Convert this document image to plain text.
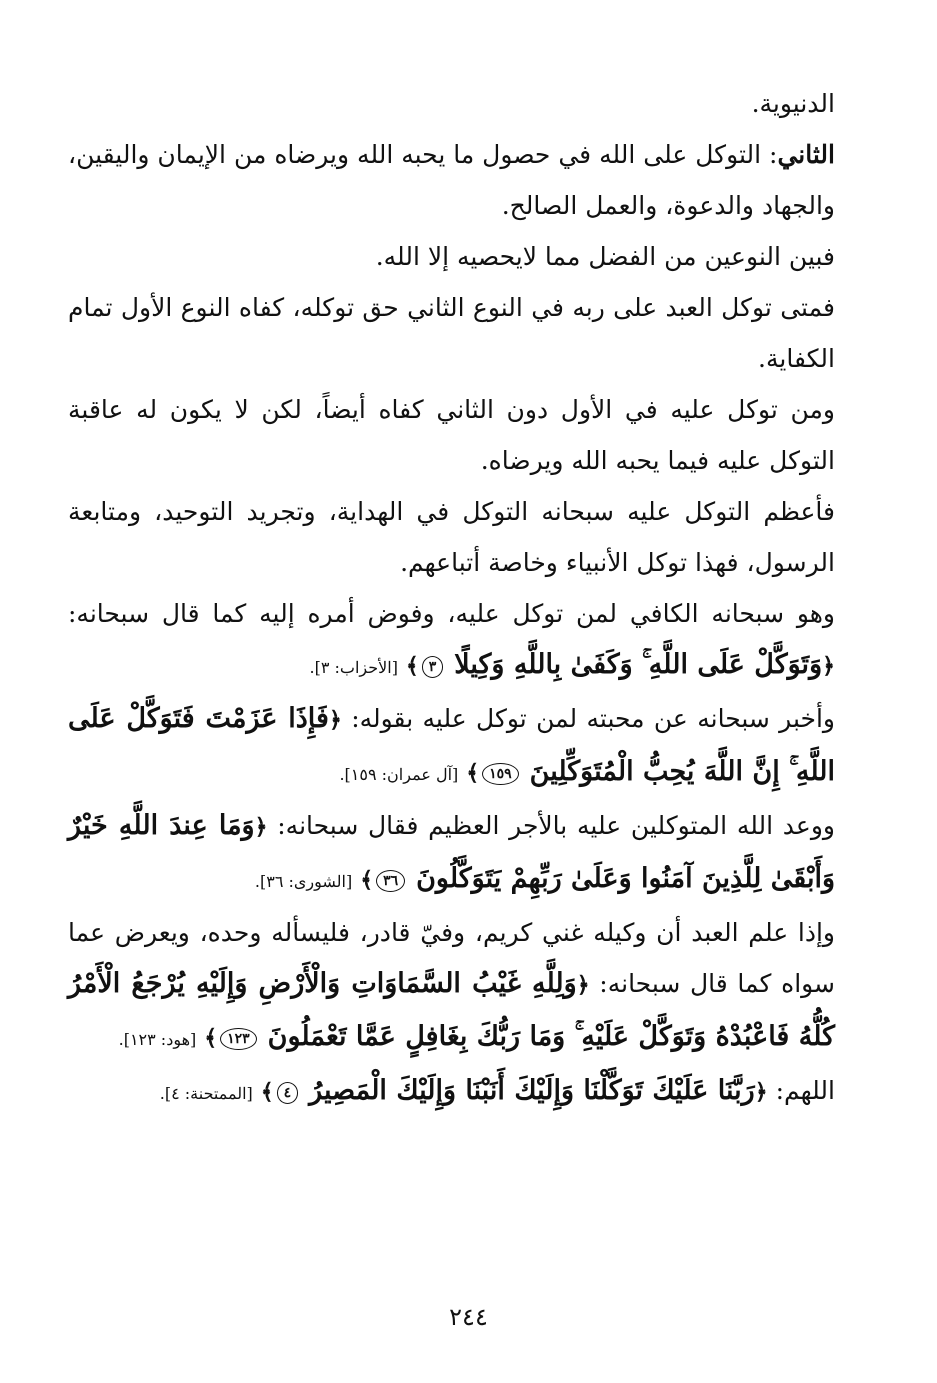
الدنيوية.

الثاني: التوكل على الله في حصول ما يحبه الله ويرضاه من الإيمان واليقين، والجهاد والدعوة، والعمل الصالح.

فبين النوعين من الفضل مما لايحصيه إلا الله.

فمتى توكل العبد على ربه في النوع الثاني حق توكله، كفاه النوع الأول تمام الكفاية.

ومن توكل عليه في الأول دون الثاني كفاه أيضاً، لكن لا يكون له عاقبة التوكل عليه فيما يحبه الله ويرضاه.

فأعظم التوكل عليه سبحانه التوكل في الهداية، وتجريد التوحيد، ومتابعة الرسول، فهذا توكل الأنبياء وخاصة أتباعهم.

وهو سبحانه الكافي لمن توكل عليه، وفوض أمره إليه كما قال سبحانه: ﴿وَتَوَكَّلْ عَلَى اللَّهِ ۚ وَكَفَىٰ بِاللَّهِ وَكِيلًا ٣﴾ [الأحزاب: ٣].

وأخبر سبحانه عن محبته لمن توكل عليه بقوله: ﴿فَإِذَا عَزَمْتَ فَتَوَكَّلْ عَلَى اللَّهِ ۚ إِنَّ اللَّهَ يُحِبُّ الْمُتَوَكِّلِينَ ١٥٩﴾ [آل عمران: ١٥٩].

ووعد الله المتوكلين عليه بالأجر العظيم فقال سبحانه: ﴿وَمَا عِندَ اللَّهِ خَيْرٌ وَأَبْقَىٰ لِلَّذِينَ آمَنُوا وَعَلَىٰ رَبِّهِمْ يَتَوَكَّلُونَ ٣٦﴾ [الشورى: ٣٦].

وإذا علم العبد أن وكيله غني كريم، وفيّ قادر، فليسأله وحده، ويعرض عما سواه كما قال سبحانه: ﴿وَلِلَّهِ غَيْبُ السَّمَاوَاتِ وَالْأَرْضِ وَإِلَيْهِ يُرْجَعُ الْأَمْرُ كُلُّهُ فَاعْبُدْهُ وَتَوَكَّلْ عَلَيْهِ ۚ وَمَا رَبُّكَ بِغَافِلٍ عَمَّا تَعْمَلُونَ ١٢٣﴾ [هود: ١٢٣].

اللهم: ﴿رَبَّنَا عَلَيْكَ تَوَكَّلْنَا وَإِلَيْكَ أَنَبْنَا وَإِلَيْكَ الْمَصِيرُ ٤﴾ [الممتحنة: ٤].

٢٤٤
